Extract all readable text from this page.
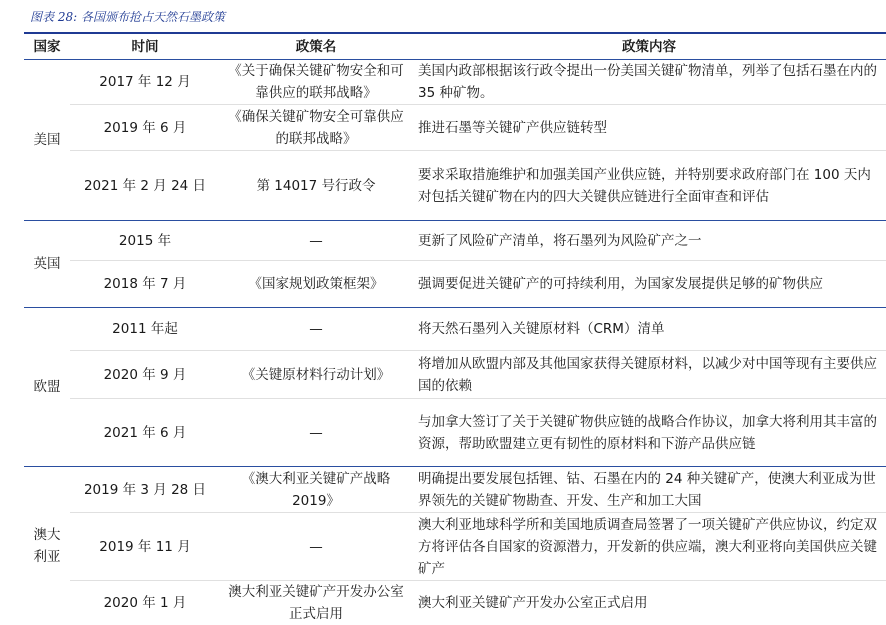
图表 28: 各国颁布抢占天然石墨政策
国家	时间	政策名	政策内容
美国	2017 年 12 月	《关于确保关键矿物安全和可靠供应的联邦战略》	美国内政部根据该行政令提出一份美国关键矿物清单，列举了包括石墨在内的 35 种矿物。
	2019 年 6 月	《确保关键矿物安全可靠供应的联邦战略》	推进石墨等关键矿产供应链转型
	2021 年 2 月 24 日	第 14017 号行政令	要求采取措施维护和加强美国产业供应链，并特别要求政府部门在 100 天内对包括关键矿物在内的四大关键供应链进行全面审查和评估
英国	2015 年	—	更新了风险矿产清单，将石墨列为风险矿产之一
	2018 年 7 月	《国家规划政策框架》	强调要促进关键矿产的可持续利用，为国家发展提供足够的矿物供应
欧盟	2011 年起	—	将天然石墨列入关键原材料（CRM）清单
	2020 年 9 月	《关键原材料行动计划》	将增加从欧盟内部及其他国家获得关键原材料，以减少对中国等现有主要供应国的依赖
	2021 年 6 月	—	与加拿大签订了关于关键矿物供应链的战略合作协议，加拿大将利用其丰富的资源，帮助欧盟建立更有韧性的原材料和下游产品供应链
澳大利亚	2019 年 3 月 28 日	《澳大利亚关键矿产战略2019》	明确提出要发展包括锂、钴、石墨在内的 24 种关键矿产，使澳大利亚成为世界领先的关键矿物勘查、开发、生产和加工大国
	2019 年 11 月	—	澳大利亚地球科学所和美国地质调查局签署了一项关键矿产供应协议，约定双方将评估各自国家的资源潜力，开发新的供应端，澳大利亚将向美国供应关键矿产
	2020 年 1 月	澳大利亚关键矿产开发办公室正式启用	澳大利亚关键矿产开发办公室正式启用
